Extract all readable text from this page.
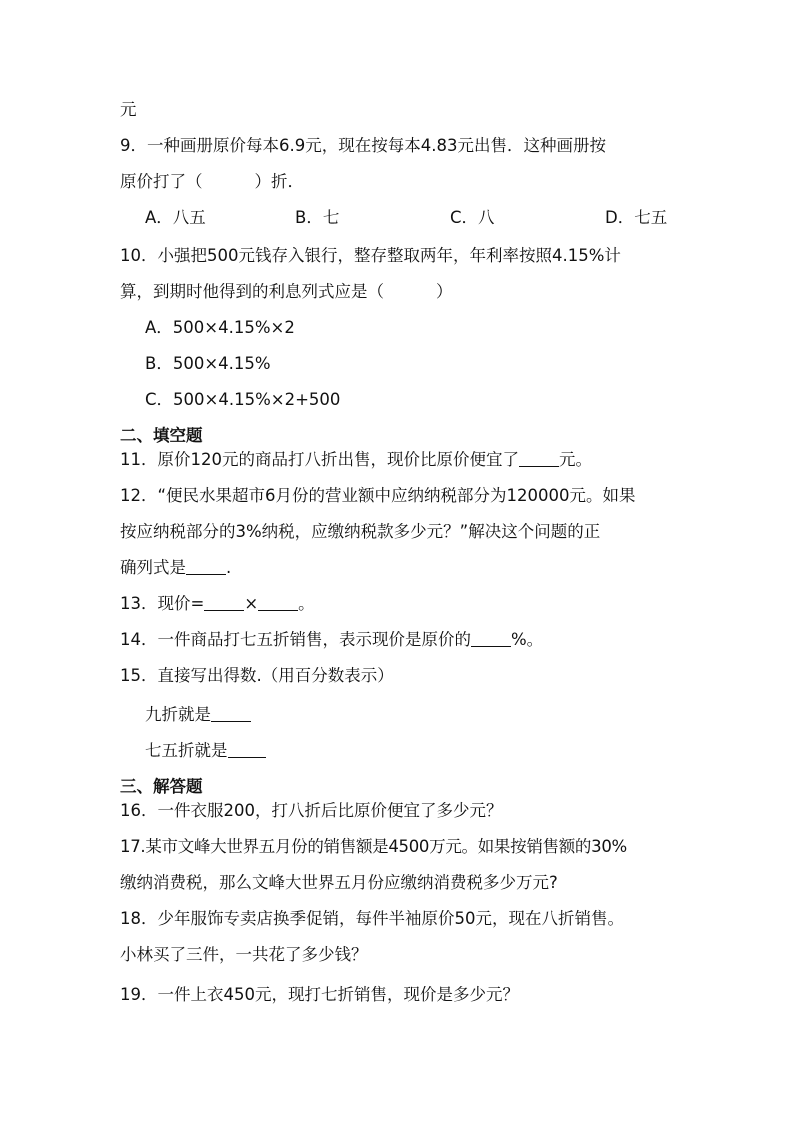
元
9．一种画册原价每本6.9元，现在按每本4.83元出售．这种画册按
原价打了（	）折．
A．八五	B．七	C．八	D．七五
10．小强把500元钱存入银行，整存整取两年，年利率按照4.15%计
算，到期时他得到的利息列式应是（	）
A．500×4.15%×2
B．500×4.15%
C．500×4.15%×2+500
二、填空题
11．原价120元的商品打八折出售，现价比原价便宜了 元。
12．“便民水果超市6月份的营业额中应纳纳税部分为120000元。如果
按应纳税部分的3%纳税，应缴纳税款多少元？”解决这个问题的正
确列式是 .
13．现价= × 。
14．一件商品打七五折销售，表示现价是原价的 %。
15．直接写出得数.（用百分数表示）
九折就是
七五折就是
三、解答题
16．一件衣服200，打八折后比原价便宜了多少元？
17.某市文峰大世界五月份的销售额是4500万元。如果按销售额的30%
缴纳消费税，那么文峰大世界五月份应缴纳消费税多少万元?
18．少年服饰专卖店换季促销，每件半袖原价50元，现在八折销售。
小林买了三件，一共花了多少钱？
19．一件上衣450元，现打七折销售，现价是多少元？
